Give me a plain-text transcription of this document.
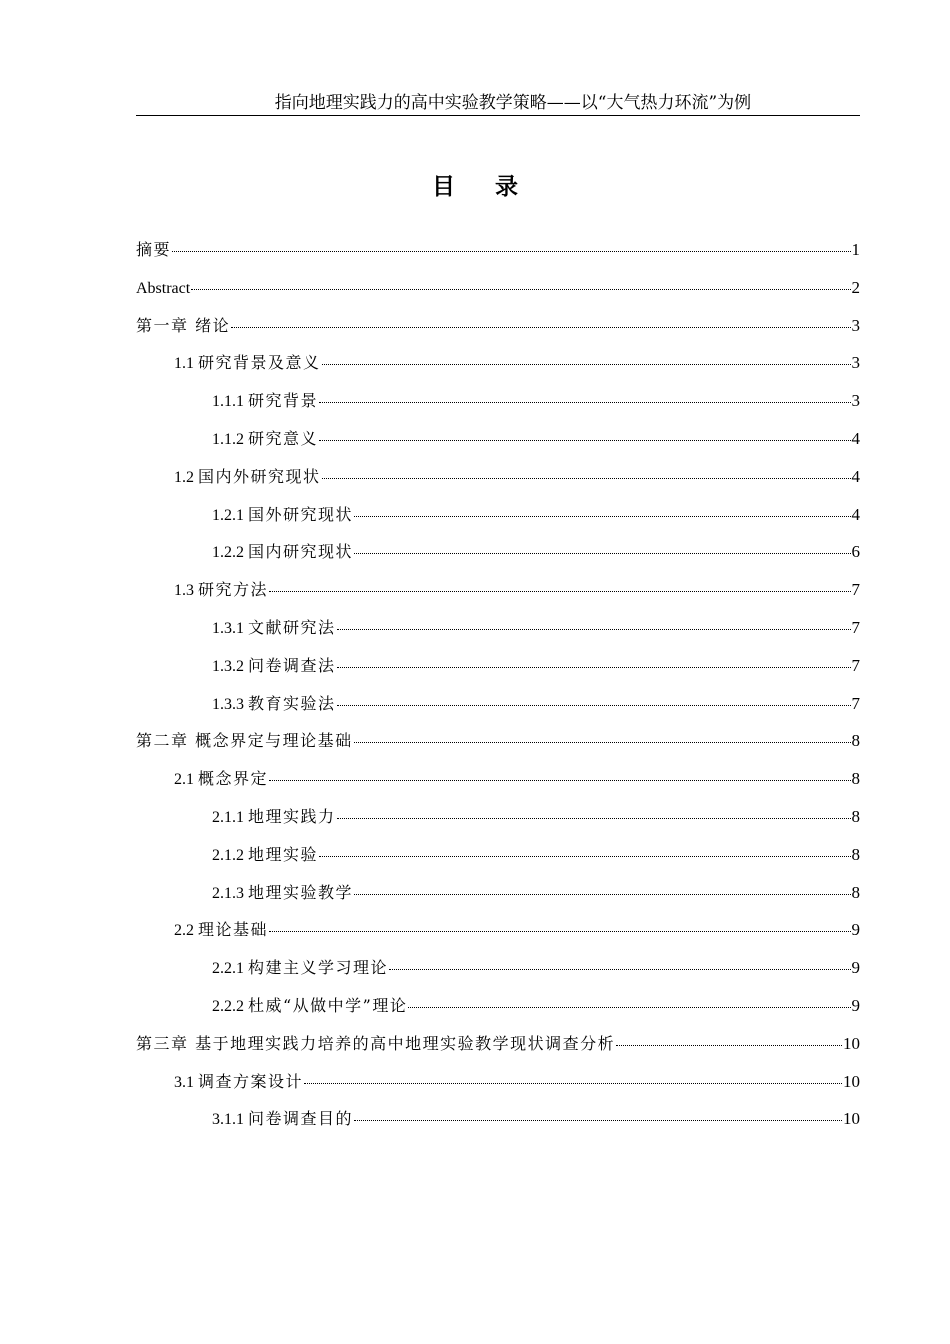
指向地理实践力的高中实验教学策略——以“大气热力环流”为例
目录
摘要	1
Abstract	2
第一章 绪论	3
1.1 研究背景及意义	3
1.1.1 研究背景	3
1.1.2 研究意义	4
1.2 国内外研究现状	4
1.2.1 国外研究现状	4
1.2.2 国内研究现状	6
1.3 研究方法	7
1.3.1 文献研究法	7
1.3.2 问卷调查法	7
1.3.3 教育实验法	7
第二章 概念界定与理论基础	8
2.1 概念界定	8
2.1.1 地理实践力	8
2.1.2 地理实验	8
2.1.3 地理实验教学	8
2.2 理论基础	9
2.2.1 构建主义学习理论	9
2.2.2 杜威“从做中学”理论	9
第三章 基于地理实践力培养的高中地理实验教学现状调查分析	10
3.1 调查方案设计	10
3.1.1 问卷调查目的	10
